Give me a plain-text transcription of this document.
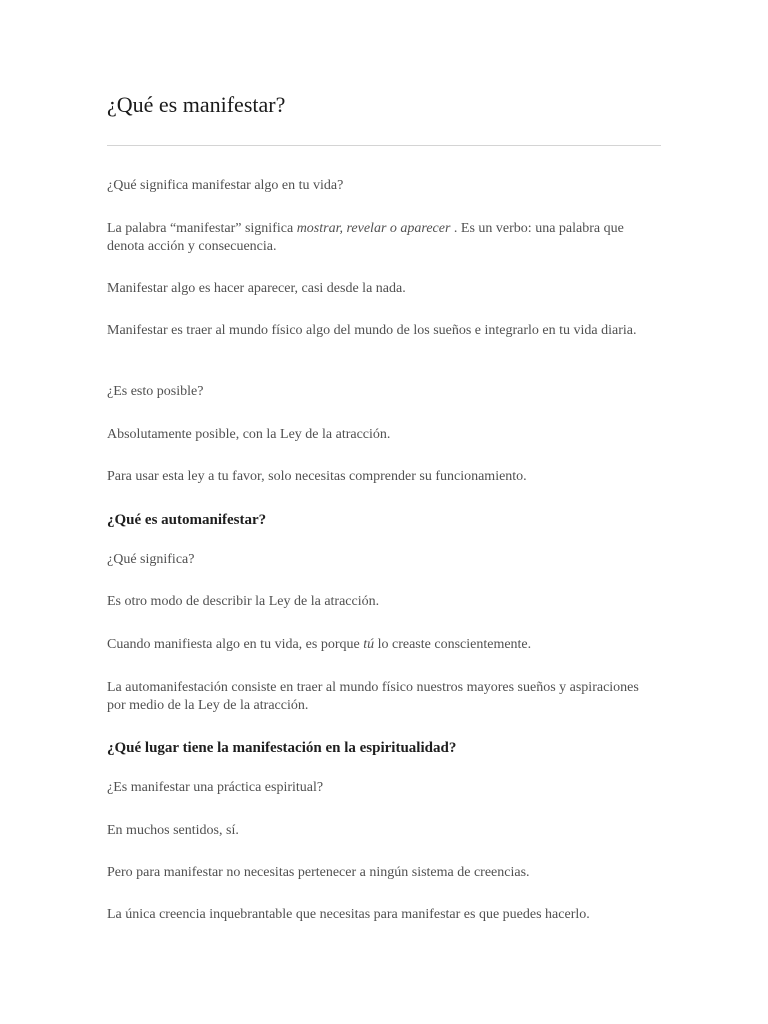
¿Qué es manifestar?

¿Qué significa manifestar algo en tu vida?

La palabra “manifestar” significa mostrar, revelar o aparecer . Es un verbo: una palabra que denota acción y consecuencia.

Manifestar algo es hacer aparecer, casi desde la nada.

Manifestar es traer al mundo físico algo del mundo de los sueños e integrarlo en tu vida diaria.

¿Es esto posible?

Absolutamente posible, con la Ley de la atracción.

Para usar esta ley a tu favor, solo necesitas comprender su funcionamiento.

¿Qué es automanifestar?

¿Qué significa?

Es otro modo de describir la Ley de la atracción.

Cuando manifiesta algo en tu vida, es porque tú lo creaste conscientemente.

La automanifestación consiste en traer al mundo físico nuestros mayores sueños y aspiraciones por medio de la Ley de la atracción.

¿Qué lugar tiene la manifestación en la espiritualidad?

¿Es manifestar una práctica espiritual?

En muchos sentidos, sí.

Pero para manifestar no necesitas pertenecer a ningún sistema de creencias.

La única creencia inquebrantable que necesitas para manifestar es que puedes hacerlo.
